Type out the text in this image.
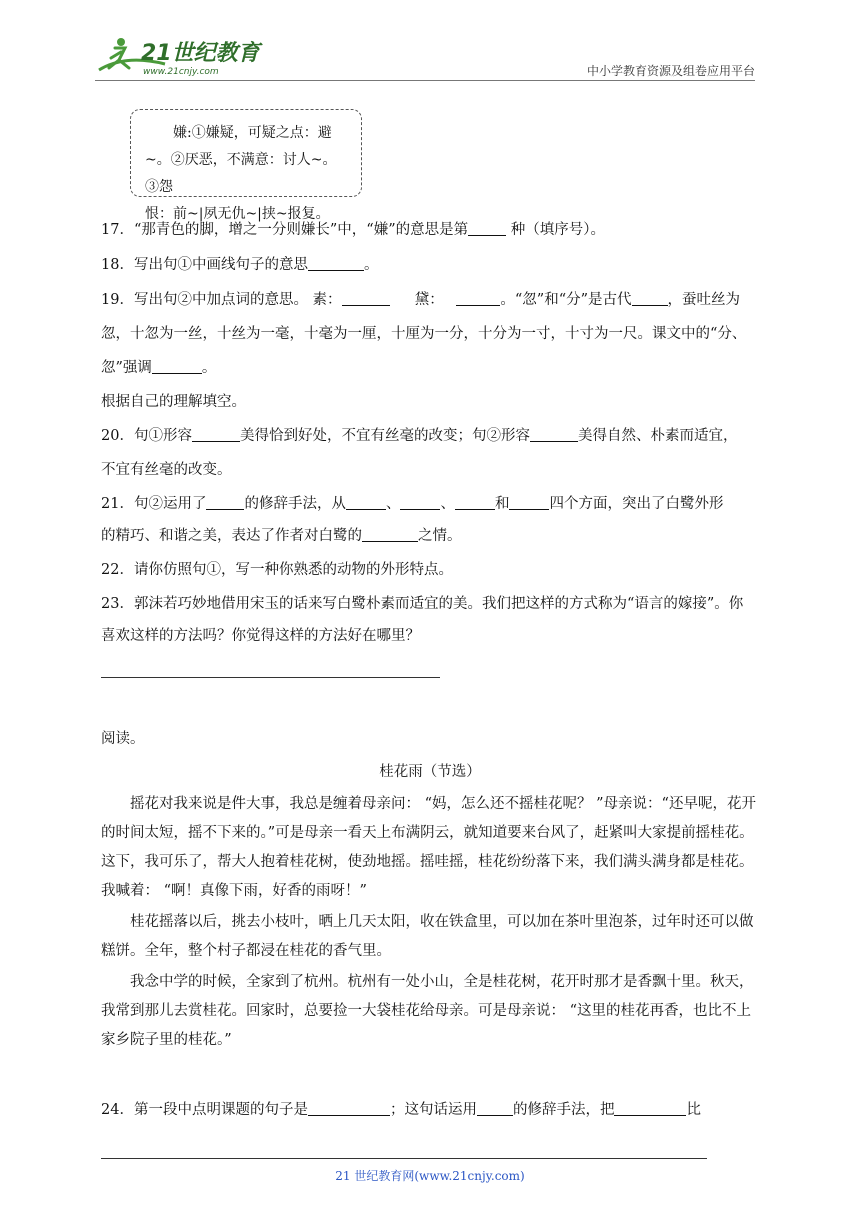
21世纪教育
www.21cnjy.com	中小学教育资源及组卷应用平台

嫌:①嫌疑，可疑之点：避

~。②厌恶，不满意：讨人~。③怨

恨：前~|夙无仇~|挟~报复。

17．“那青色的脚，增之一分则嫌长”中，“嫌”的意思是第	种（填序号）。
18．写出句①中画线句子的意思	。
19．写出句②中加点词的意思。 素：	黛：	。“忽”和“分”是古代 ，蚕吐丝为
忽，十忽为一丝，十丝为一毫，十毫为一厘，十厘为一分，十分为一寸，十寸为一尺。课文中的“分、
忽”强调	。
根据自己的理解填空。
20．句①形容	美得恰到好处，不宜有丝毫的改变；句②形容	美得自然、朴素而适宜，
不宜有丝毫的改变。
21．句②运用了	的修辞手法，从	、	、	和	四个方面，突出了白鹭外形
的精巧、和谐之美，表达了作者对白鹭的	之情。
22．请你仿照句①，写一种你熟悉的动物的外形特点。
23．郭沫若巧妙地借用宋玉的话来写白鹭朴素而适宜的美。我们把这样的方式称为“语言的嫁接”。你
喜欢这样的方法吗？你觉得这样的方法好在哪里？
阅读。
桂花雨（节选）

摇花对我来说是件大事，我总是缠着母亲问： “妈，怎么还不摇桂花呢？ ”母亲说：“还早呢，花开的时间太短，摇不下来的。”可是母亲一看天上布满阴云，就知道要来台风了，赶紧叫大家提前摇桂花。这下，我可乐了，帮大人抱着桂花树，使劲地摇。摇哇摇，桂花纷纷落下来，我们满头满身都是桂花。我喊着： “啊！真像下雨，好香的雨呀！”

桂花摇落以后，挑去小枝叶，晒上几天太阳，收在铁盒里，可以加在茶叶里泡茶，过年时还可以做糕饼。全年，整个村子都浸在桂花的香气里。

我念中学的时候，全家到了杭州。杭州有一处小山，全是桂花树，花开时那才是香飘十里。秋天，我常到那儿去赏桂花。回家时，总要捡一大袋桂花给母亲。可是母亲说： “这里的桂花再香，也比不上家乡院子里的桂花。”

24．第一段中点明课题的句子是	；这句话运用 的修辞手法，把	比
21 世纪教育网(www.21cnjy.com)
